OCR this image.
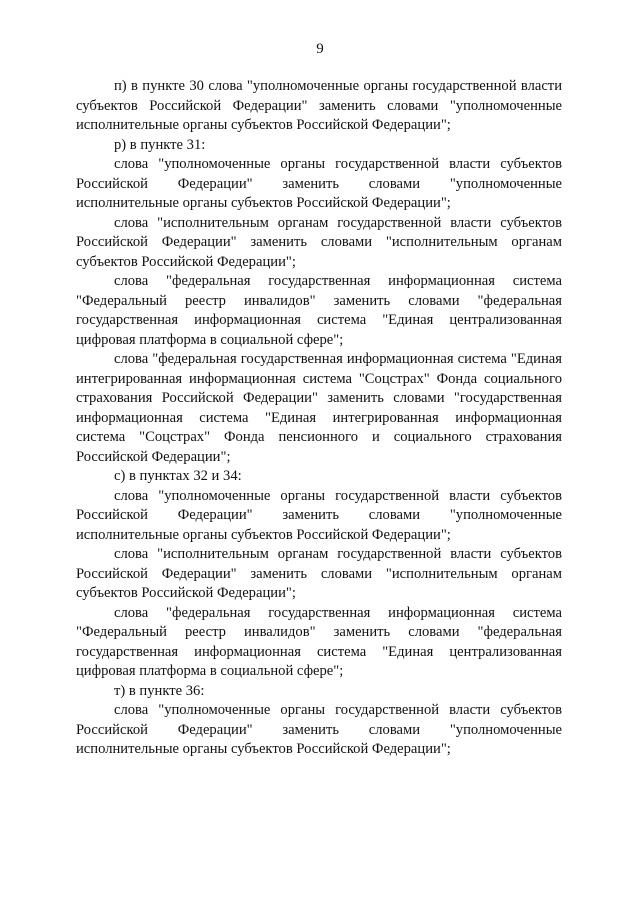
9

п) в пункте 30 слова "уполномоченные органы государственной власти субъектов Российской Федерации" заменить словами "уполномоченные исполнительные органы субъектов Российской Федерации";

р) в пункте 31:

слова "уполномоченные органы государственной власти субъектов Российской Федерации" заменить словами "уполномоченные исполнительные органы субъектов Российской Федерации";

слова "исполнительным органам государственной власти субъектов Российской Федерации" заменить словами "исполнительным органам субъектов Российской Федерации";

слова "федеральная государственная информационная система "Федеральный реестр инвалидов" заменить словами "федеральная государственная информационная система "Единая централизованная цифровая платформа в социальной сфере";

слова "федеральная государственная информационная система "Единая интегрированная информационная система "Соцстрах" Фонда социального страхования Российской Федерации" заменить словами "государственная информационная система "Единая интегрированная информационная система "Соцстрах" Фонда пенсионного и социального страхования Российской Федерации";

с) в пунктах 32 и 34:

слова "уполномоченные органы государственной власти субъектов Российской Федерации" заменить словами "уполномоченные исполнительные органы субъектов Российской Федерации";

слова "исполнительным органам государственной власти субъектов Российской Федерации" заменить словами "исполнительным органам субъектов Российской Федерации";

слова "федеральная государственная информационная система "Федеральный реестр инвалидов" заменить словами "федеральная государственная информационная система "Единая централизованная цифровая платформа в социальной сфере";

т) в пункте 36:

слова "уполномоченные органы государственной власти субъектов Российской Федерации" заменить словами "уполномоченные исполнительные органы субъектов Российской Федерации";
